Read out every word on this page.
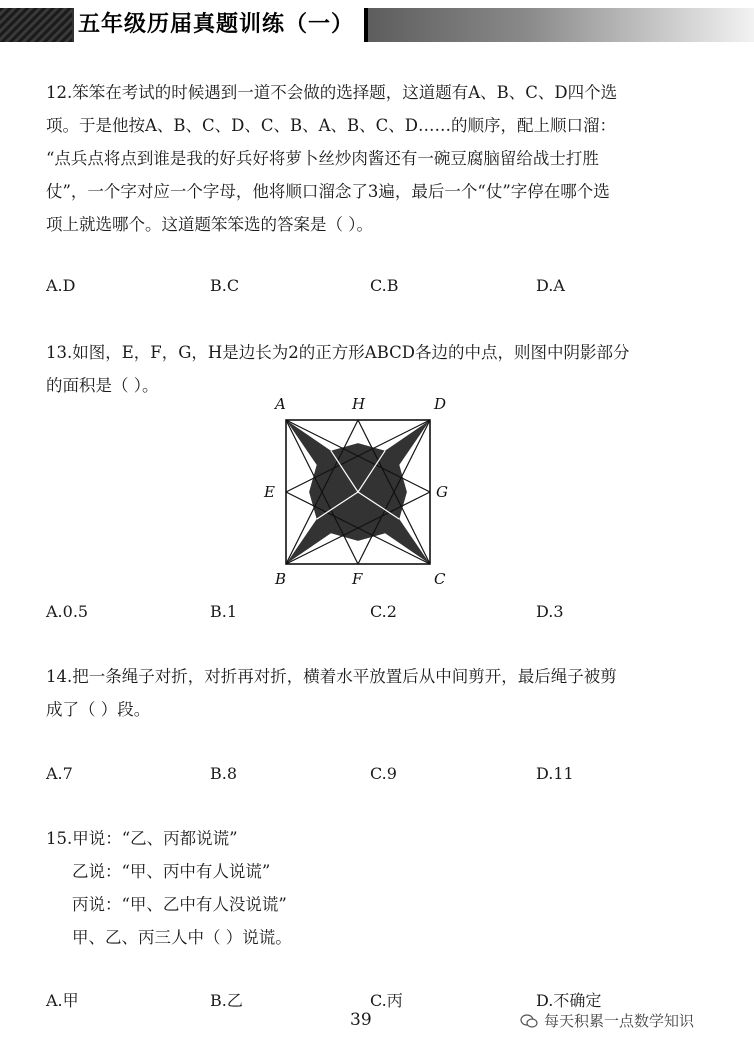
五年级历届真题训练（一）

12.笨笨在考试的时候遇到一道不会做的选择题，这道题有A、B、C、D四个选

项。于是他按A、B、C、D、C、B、A、B、C、D……的顺序，配上顺口溜：

“点兵点将点到谁是我的好兵好将萝卜丝炒肉酱还有一碗豆腐脑留给战士打胜

仗”，一个字对应一个字母，他将顺口溜念了3遍，最后一个“仗”字停在哪个选

项上就选哪个。这道题笨笨选的答案是（ ）。

A.D	B.C	C.B	D.A

13.如图，E，F，G，H是边长为2的正方形ABCD各边的中点，则图中阴影部分

的面积是（ ）。

A	H	D
E	G
B	F	C
A.0.5	B.1	C.2	D.3

14.把一条绳子对折，对折再对折，横着水平放置后从中间剪开，最后绳子被剪

成了（ ）段。

A.7	B.8	C.9	D.11

15.甲说：“乙、丙都说谎”

乙说：“甲、丙中有人说谎”

丙说：“甲、乙中有人没说谎”

甲、乙、丙三人中（ ）说谎。

A.甲	B.乙	C.丙	D.不确定
39	每天积累一点数学知识
